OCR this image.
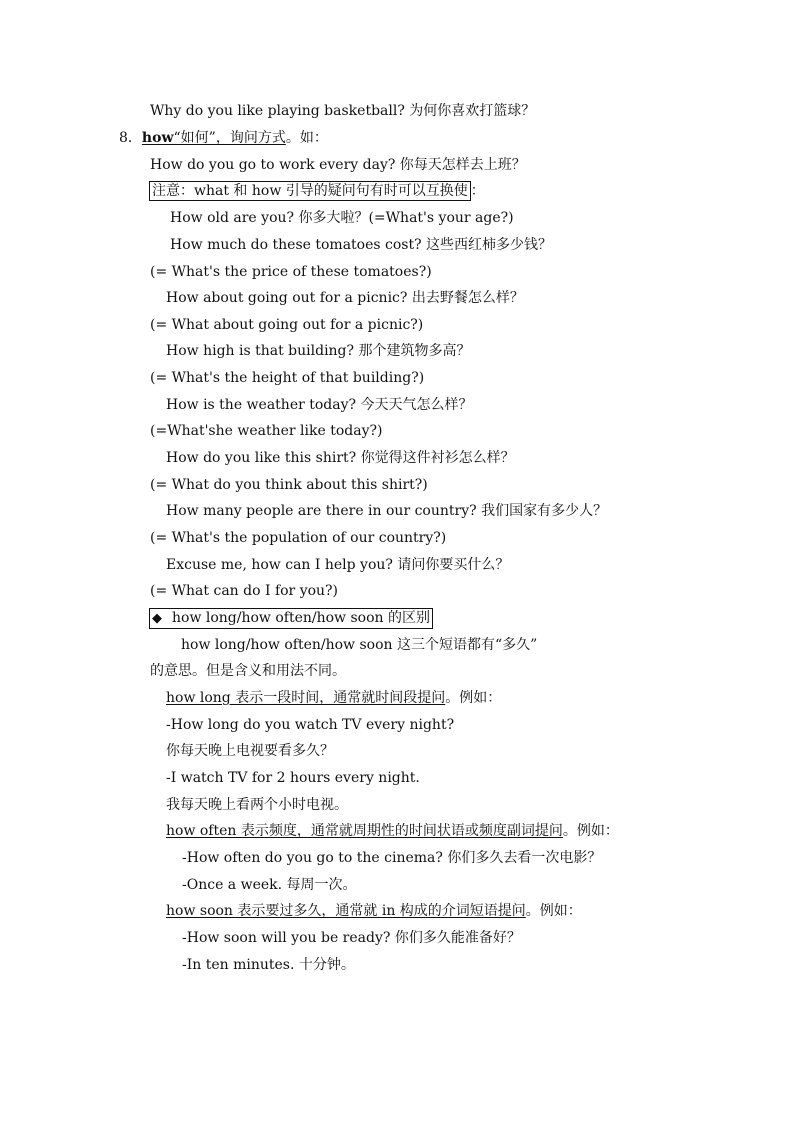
Why do you like playing basketball? 为何你喜欢打篮球？
8．how“如何”，询问方式。如：
How do you go to work every day? 你每天怎样去上班？
注意：what 和 how 引导的疑问句有时可以互换使 ：
How old are you? 你多大啦？(=What's your age?)
How much do these tomatoes cost? 这些西红柿多少钱？
(= What's the price of these tomatoes?)
How about going out for a picnic? 出去野餐怎么样？
(= What about going out for a picnic?)
How high is that building? 那个建筑物多高？
(= What's the height of that building?)
How is the weather today? 今天天气怎么样？
(=What'she weather like today?)
How do you like this shirt? 你觉得这件衬衫怎么样？
(= What do you think about this shirt?)
How many people are there in our country? 我们国家有多少人？
(= What's the population of our country?)
Excuse me, how can I help you? 请问你要买什么？
(= What can do I for you?)
◆ how long/how often/how soon 的区别
how long/how often/how soon 这三个短语都有“多久”
的意思。但是含义和用法不同。
how long 表示一段时间，通常就时间段提问。例如：
-How long do you watch TV every night?
你每天晚上电视要看多久？
-I watch TV for 2 hours every night.
我每天晚上看两个小时电视。
how often 表示频度，通常就周期性的时间状语或频度副词提问。例如：
-How often do you go to the cinema? 你们多久去看一次电影？
-Once a week. 每周一次。
how soon 表示要过多久，通常就 in 构成的介词短语提问。例如：
-How soon will you be ready? 你们多久能准备好？
-In ten minutes. 十分钟。
